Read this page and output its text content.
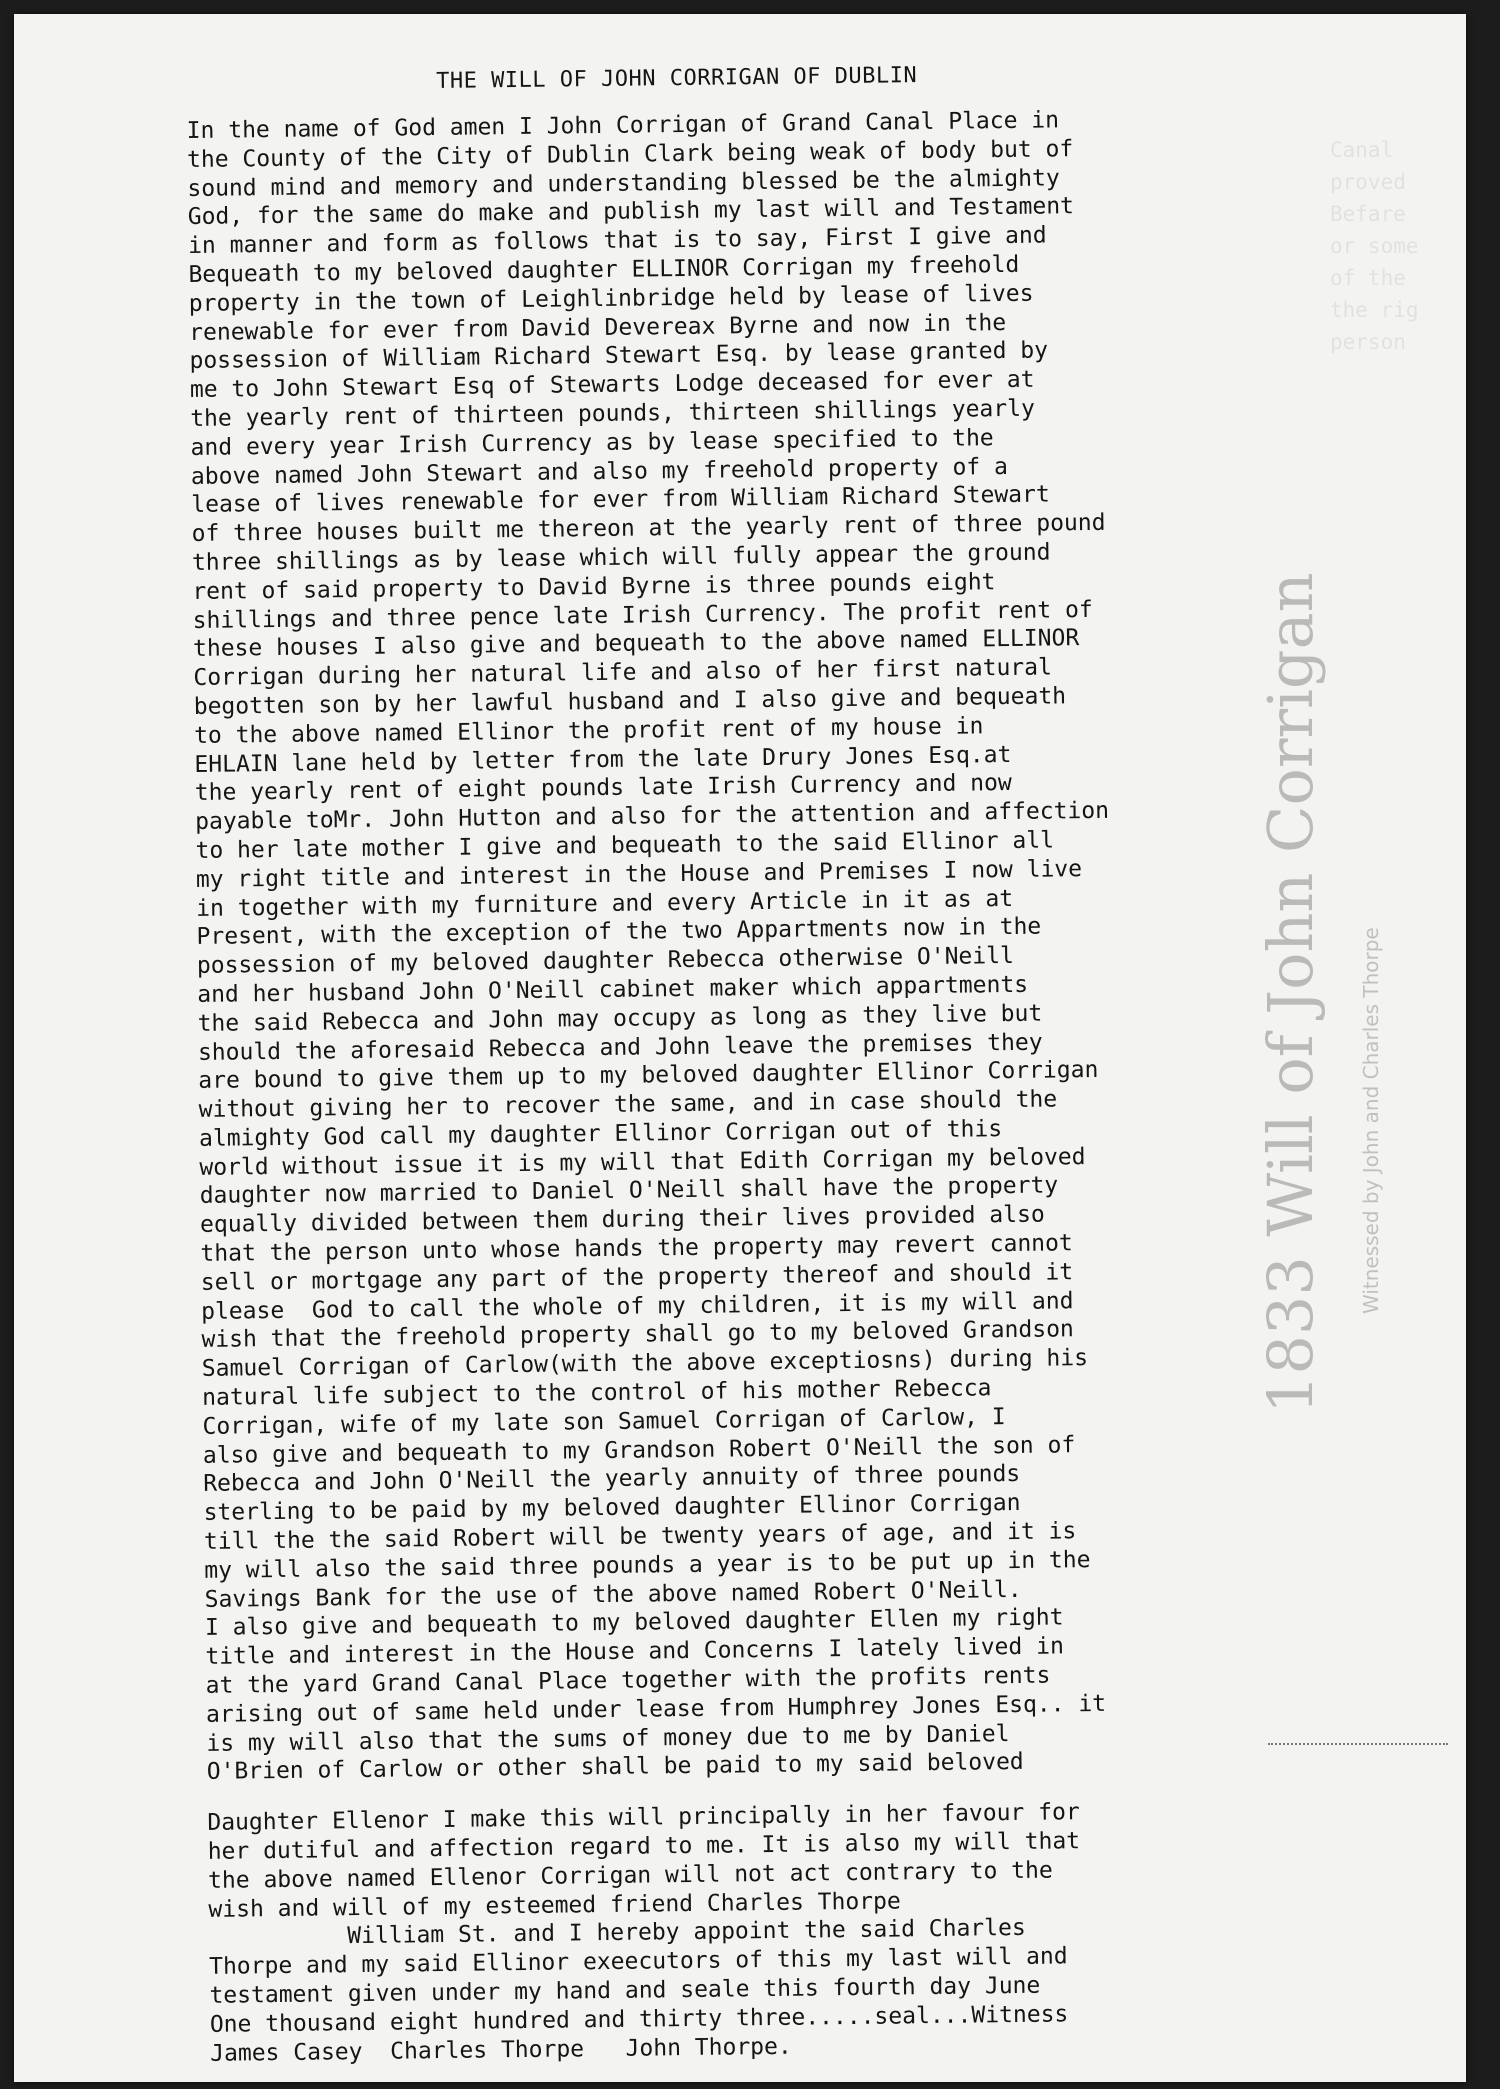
Canal
proved
Befare
or some
of the
the rig
person
THE WILL OF JOHN CORRIGAN OF DUBLIN
In the name of God amen I John Corrigan of Grand Canal Place in
the County of the City of Dublin Clark being weak of body but of
sound mind and memory and understanding blessed be the almighty
God, for the same do make and publish my last will and Testament
in manner and form as follows that is to say, First I give and
Bequeath to my beloved daughter ELLINOR Corrigan my freehold
property in the town of Leighlinbridge held by lease of lives
renewable for ever from David Devereax Byrne and now in the
possession of William Richard Stewart Esq. by lease granted by
me to John Stewart Esq of Stewarts Lodge deceased for ever at
the yearly rent of thirteen pounds, thirteen shillings yearly
and every year Irish Currency as by lease specified to the
above named John Stewart and also my freehold property of a
lease of lives renewable for ever from William Richard Stewart
of three houses built me thereon at the yearly rent of three pound
three shillings as by lease which will fully appear the ground
rent of said property to David Byrne is three pounds eight
shillings and three pence late Irish Currency. The profit rent of
these houses I also give and bequeath to the above named ELLINOR
Corrigan during her natural life and also of her first natural
begotten son by her lawful husband and I also give and bequeath
to the above named Ellinor the profit rent of my house in
EHLAIN lane held by letter from the late Drury Jones Esq.at
the yearly rent of eight pounds late Irish Currency and now
payable toMr. John Hutton and also for the attention and affection
to her late mother I give and bequeath to the said Ellinor all
my right title and interest in the House and Premises I now live
in together with my furniture and every Article in it as at
Present, with the exception of the two Appartments now in the
possession of my beloved daughter Rebecca otherwise O'Neill
and her husband John O'Neill cabinet maker which appartments
the said Rebecca and John may occupy as long as they live but
should the aforesaid Rebecca and John leave the premises they
are bound to give them up to my beloved daughter Ellinor Corrigan
without giving her to recover the same, and in case should the
almighty God call my daughter Ellinor Corrigan out of this
world without issue it is my will that Edith Corrigan my beloved
daughter now married to Daniel O'Neill shall have the property
equally divided between them during their lives provided also
that the person unto whose hands the property may revert cannot
sell or mortgage any part of the property thereof and should it
please  God to call the whole of my children, it is my will and
wish that the freehold property shall go to my beloved Grandson
Samuel Corrigan of Carlow(with the above exceptiosns) during his
natural life subject to the control of his mother Rebecca
Corrigan, wife of my late son Samuel Corrigan of Carlow, I
also give and bequeath to my Grandson Robert O'Neill the son of
Rebecca and John O'Neill the yearly annuity of three pounds
sterling to be paid by my beloved daughter Ellinor Corrigan
till the the said Robert will be twenty years of age, and it is
my will also the said three pounds a year is to be put up in the
Savings Bank for the use of the above named Robert O'Neill.
I also give and bequeath to my beloved daughter Ellen my right
title and interest in the House and Concerns I lately lived in
at the yard Grand Canal Place together with the profits rents
arising out of same held under lease from Humphrey Jones Esq.. it
is my will also that the sums of money due to me by Daniel
O'Brien of Carlow or other shall be paid to my said beloved
Daughter Ellenor I make this will principally in her favour for
her dutiful and affection regard to me. It is also my will that
the above named Ellenor Corrigan will not act contrary to the
wish and will of my esteemed friend Charles Thorpe
William St. and I hereby appoint the said Charles
Thorpe and my said Ellinor exeecutors of this my last will and
testament given under my hand and seale this fourth day June
One thousand eight hundred and thirty three.....seal...Witness
James Casey  Charles Thorpe   John Thorpe.
1833 Will of John Corrigan Witnessed by John and Charles Thorpe
